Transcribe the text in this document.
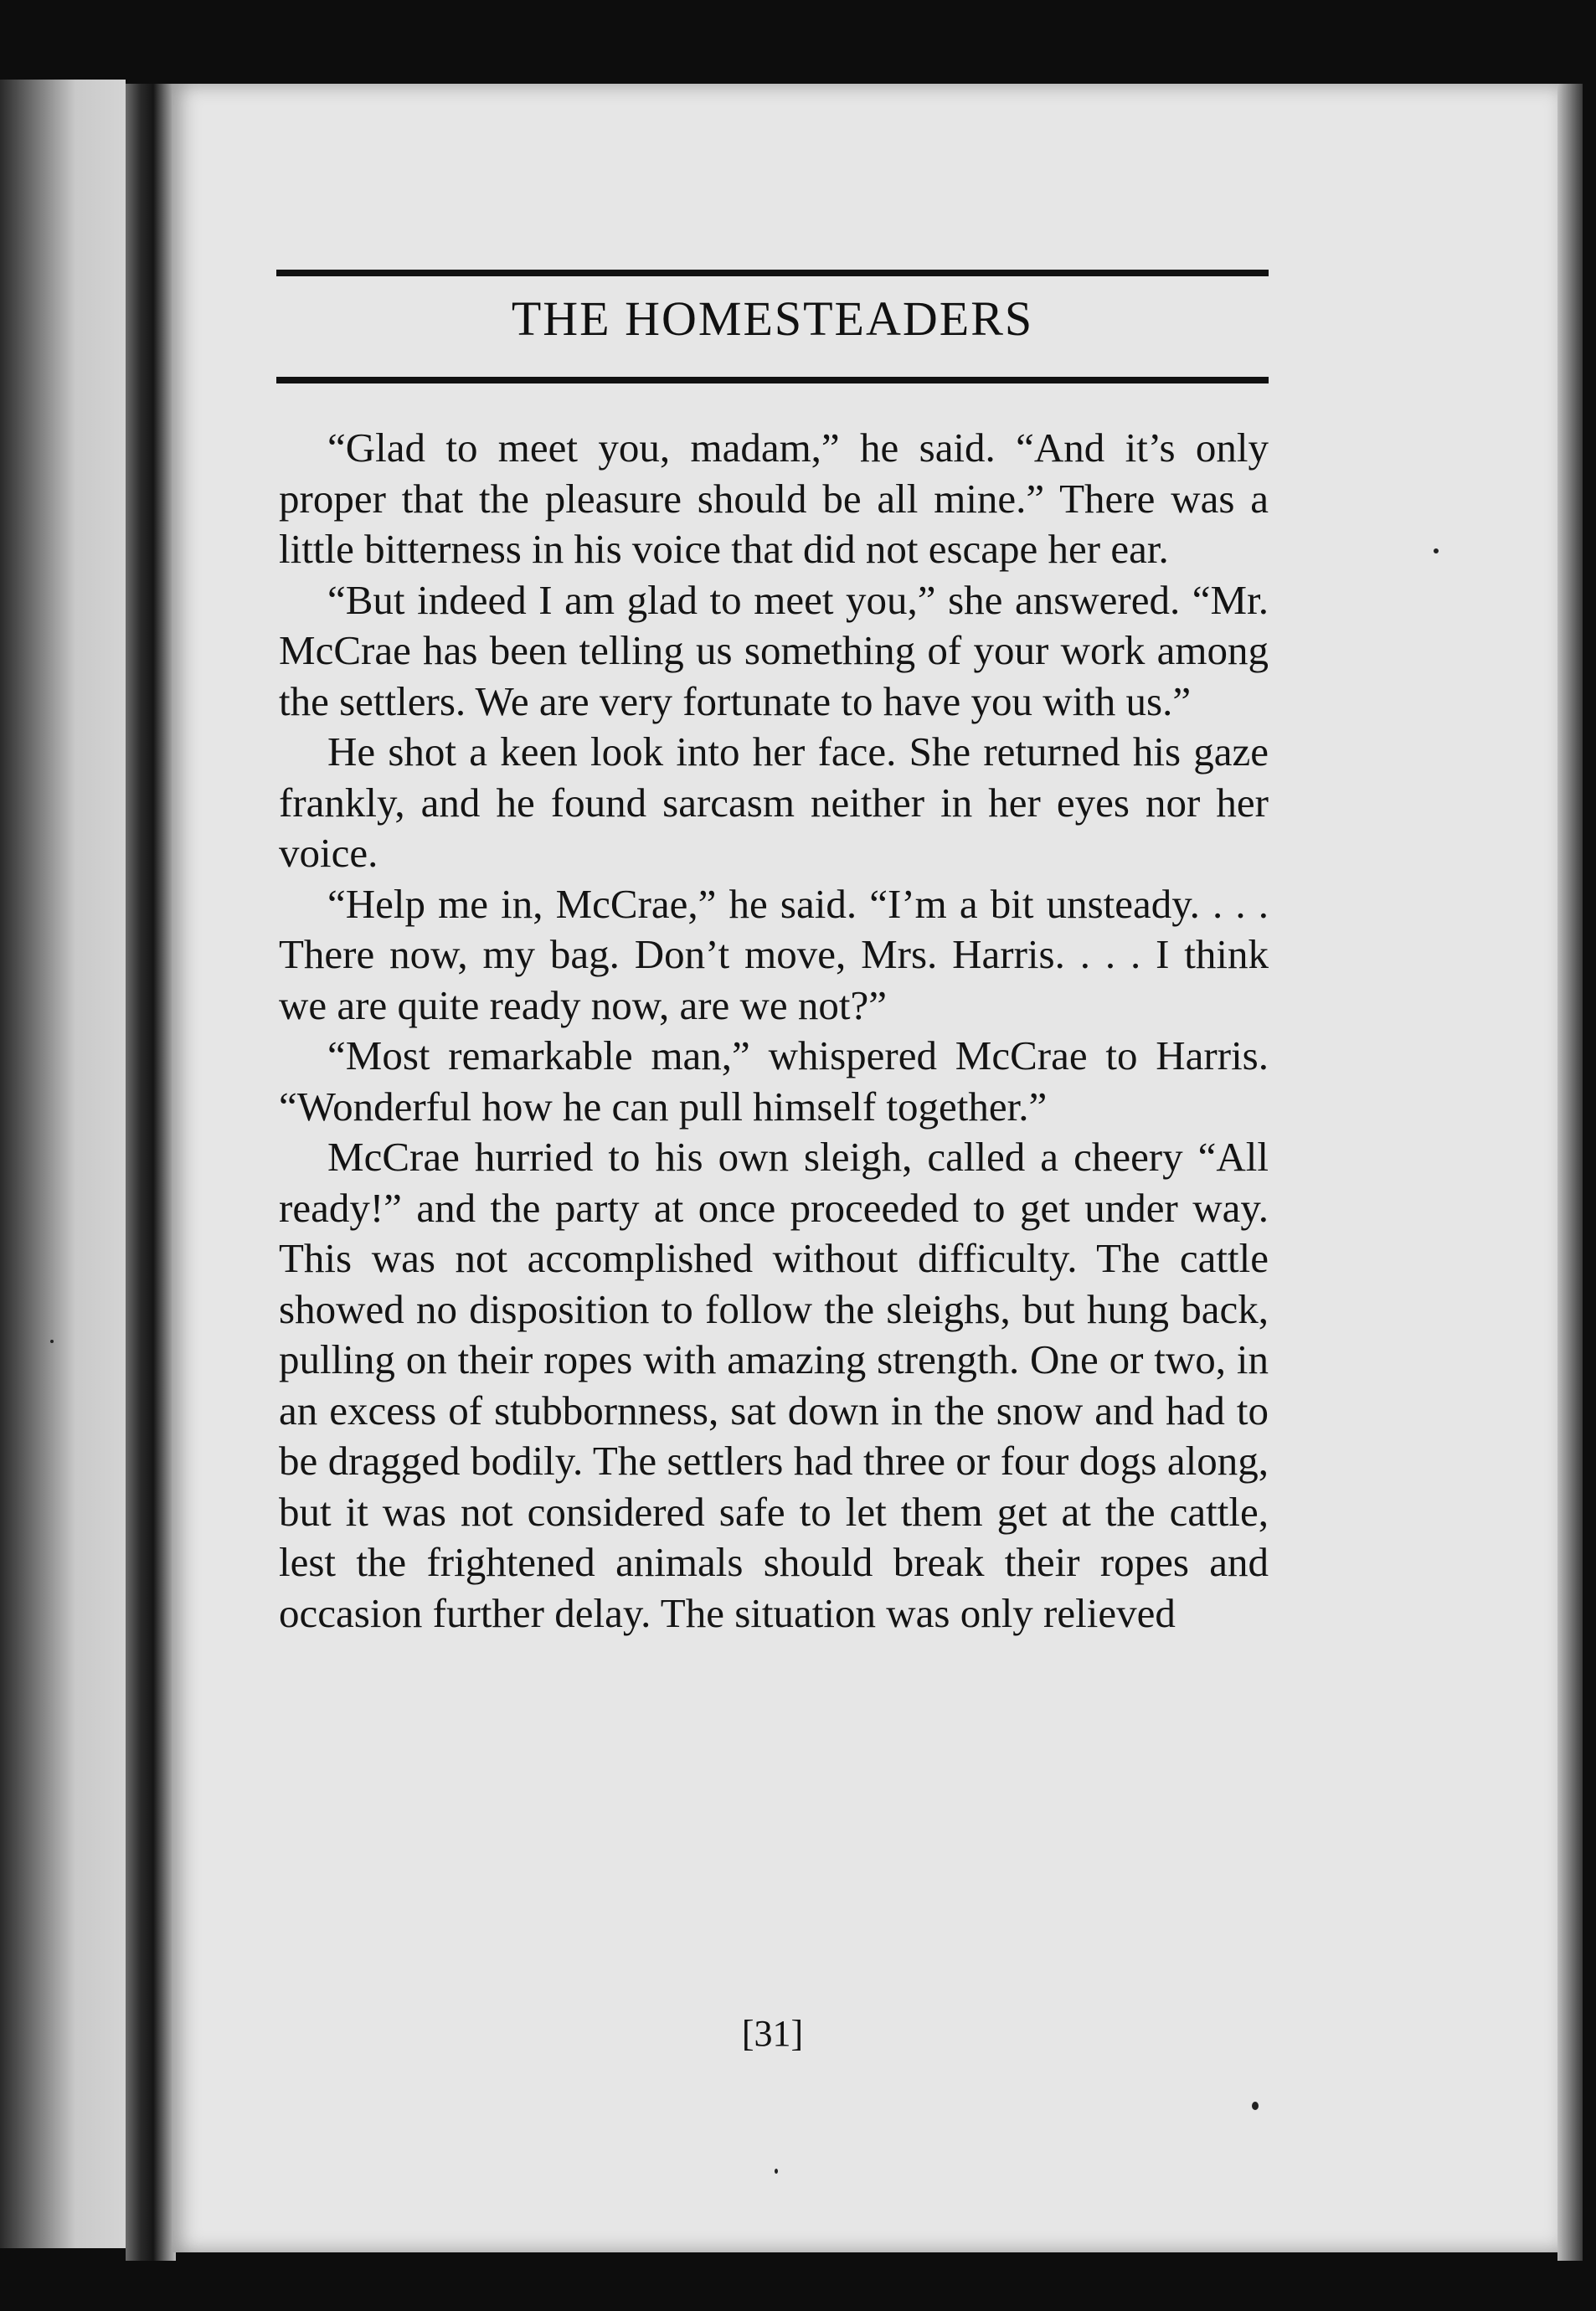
THE HOMESTEADERS

“Glad to meet you, madam,” he said. “And it’s only proper that the pleasure should be all mine.” There was a little bitterness in his voice that did not escape her ear.

“But indeed I am glad to meet you,” she answered. “Mr. McCrae has been telling us something of your work among the settlers. We are very fortunate to have you with us.”

He shot a keen look into her face. She returned his gaze frankly, and he found sarcasm neither in her eyes nor her voice.

“Help me in, McCrae,” he said. “I’m a bit unsteady. . . . There now, my bag. Don’t move, Mrs. Harris. . . . I think we are quite ready now, are we not?”

“Most remarkable man,” whispered McCrae to Harris. “Wonderful how he can pull himself together.”

McCrae hurried to his own sleigh, called a cheery “All ready!” and the party at once proceeded to get under way. This was not accomplished without difficulty. The cattle showed no disposition to follow the sleighs, but hung back, pulling on their ropes with amazing strength. One or two, in an excess of stubbornness, sat down in the snow and had to be dragged bodily. The settlers had three or four dogs along, but it was not considered safe to let them get at the cattle, lest the frightened animals should break their ropes and occasion further delay. The situation was only relieved

[31]
